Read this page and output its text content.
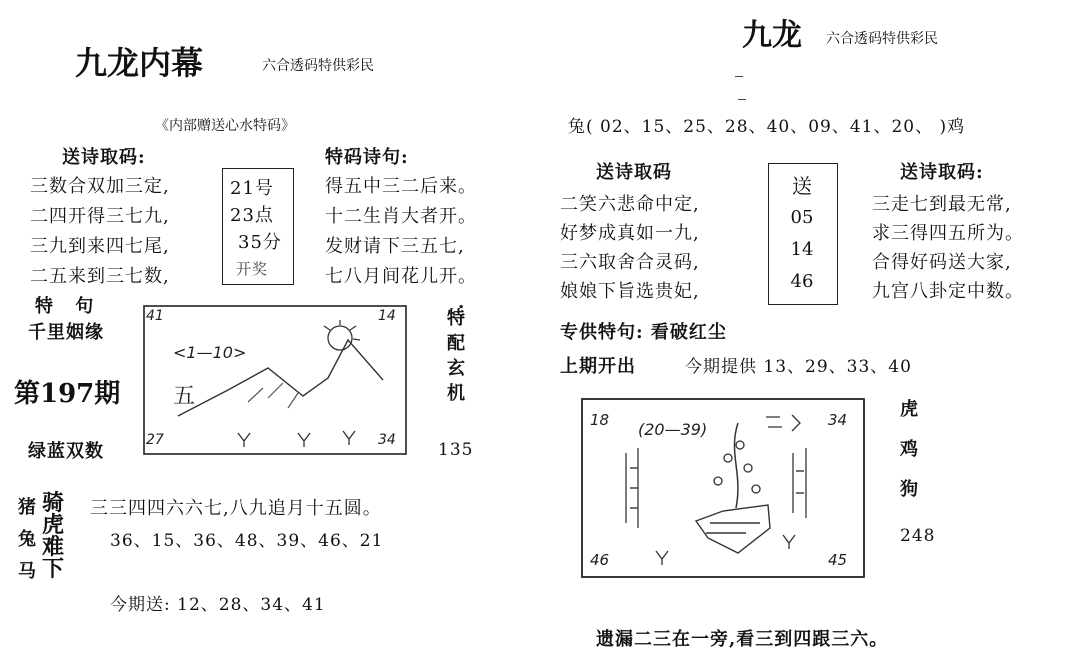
九龙内幕	六合透码特供彩民
《内部赠送心水特码》
送诗取码:
三数合双加三定,
二四开得三七九,
三九到来四七尾,
二五来到三七数,
21号
23点
35分
开奖
特码诗句:
得五中三二后来。
十二生肖大者开。
发财请下三五七,
七八月间花儿开。
特 句
千里姻缘
第197期
绿蓝双数
41	14
27	34
<1—10>
五
.
特
配
玄
机
135
猪
兔
马
骑
虎
难
下
三三四四六六七,八九追月十五圆。
36、15、36、48、39、46、21
今期送: 12、28、34、41
九龙 六合透码特供彩民
兔( 02、15、25、28、40、09、41、20、 )鸡
送诗取码
二笑六悲命中定,
好梦成真如一九,
三六取舍合灵码,
娘娘下旨选贵妃,
送
05
14
46
送诗取码:
三走七到最无常,
求三得四五所为。
合得好码送大家,
九宫八卦定中数。
专供特句: 看破红尘
上期开出	今期提供 13、29、33、40
18	34
46	45
(20—39)
虎
鸡
狗
248
遗漏二三在一旁,看三到四跟三六。
